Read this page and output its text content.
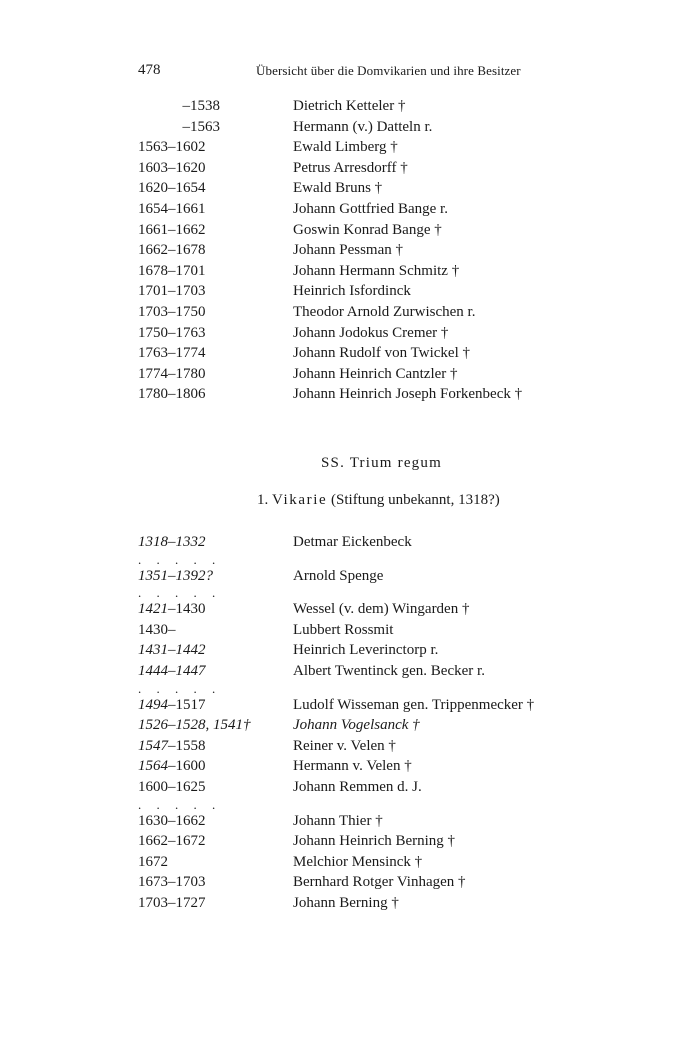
478	Übersicht über die Domvikarien und ihre Besitzer
–1538	Dietrich Ketteler †
–1563	Hermann (v.) Datteln r.
1563–1602	Ewald Limberg †
1603–1620	Petrus Arresdorff †
1620–1654	Ewald Bruns †
1654–1661	Johann Gottfried Bange r.
1661–1662	Goswin Konrad Bange †
1662–1678	Johann Pessman †
1678–1701	Johann Hermann Schmitz †
1701–1703	Heinrich Isfordinck
1703–1750	Theodor Arnold Zurwischen r.
1750–1763	Johann Jodokus Cremer †
1763–1774	Johann Rudolf von Twickel †
1774–1780	Johann Heinrich Cantzler †
1780–1806	Johann Heinrich Joseph Forkenbeck †
SS. Trium regum
1. Vikarie (Stiftung unbekannt, 1318?)
1318–1332	Detmar Eickenbeck
. . . . .
1351–1392?	Arnold Spenge
. . . . .
1421–1430	Wessel (v. dem) Wingarden †
1430–	Lubbert Rossmit
1431–1442	Heinrich Leverinctorp r.
1444–1447	Albert Twentinck gen. Becker r.
. . . . .
1494–1517	Ludolf Wisseman gen. Trippenmecker †
1526–1528, 1541†	Johann Vogelsanck †
1547–1558	Reiner v. Velen †
1564–1600	Hermann v. Velen †
1600–1625	Johann Remmen d. J.
. . . . .
1630–1662	Johann Thier †
1662–1672	Johann Heinrich Berning †
1672	Melchior Mensinck †
1673–1703	Bernhard Rotger Vinhagen †
1703–1727	Johann Berning †
